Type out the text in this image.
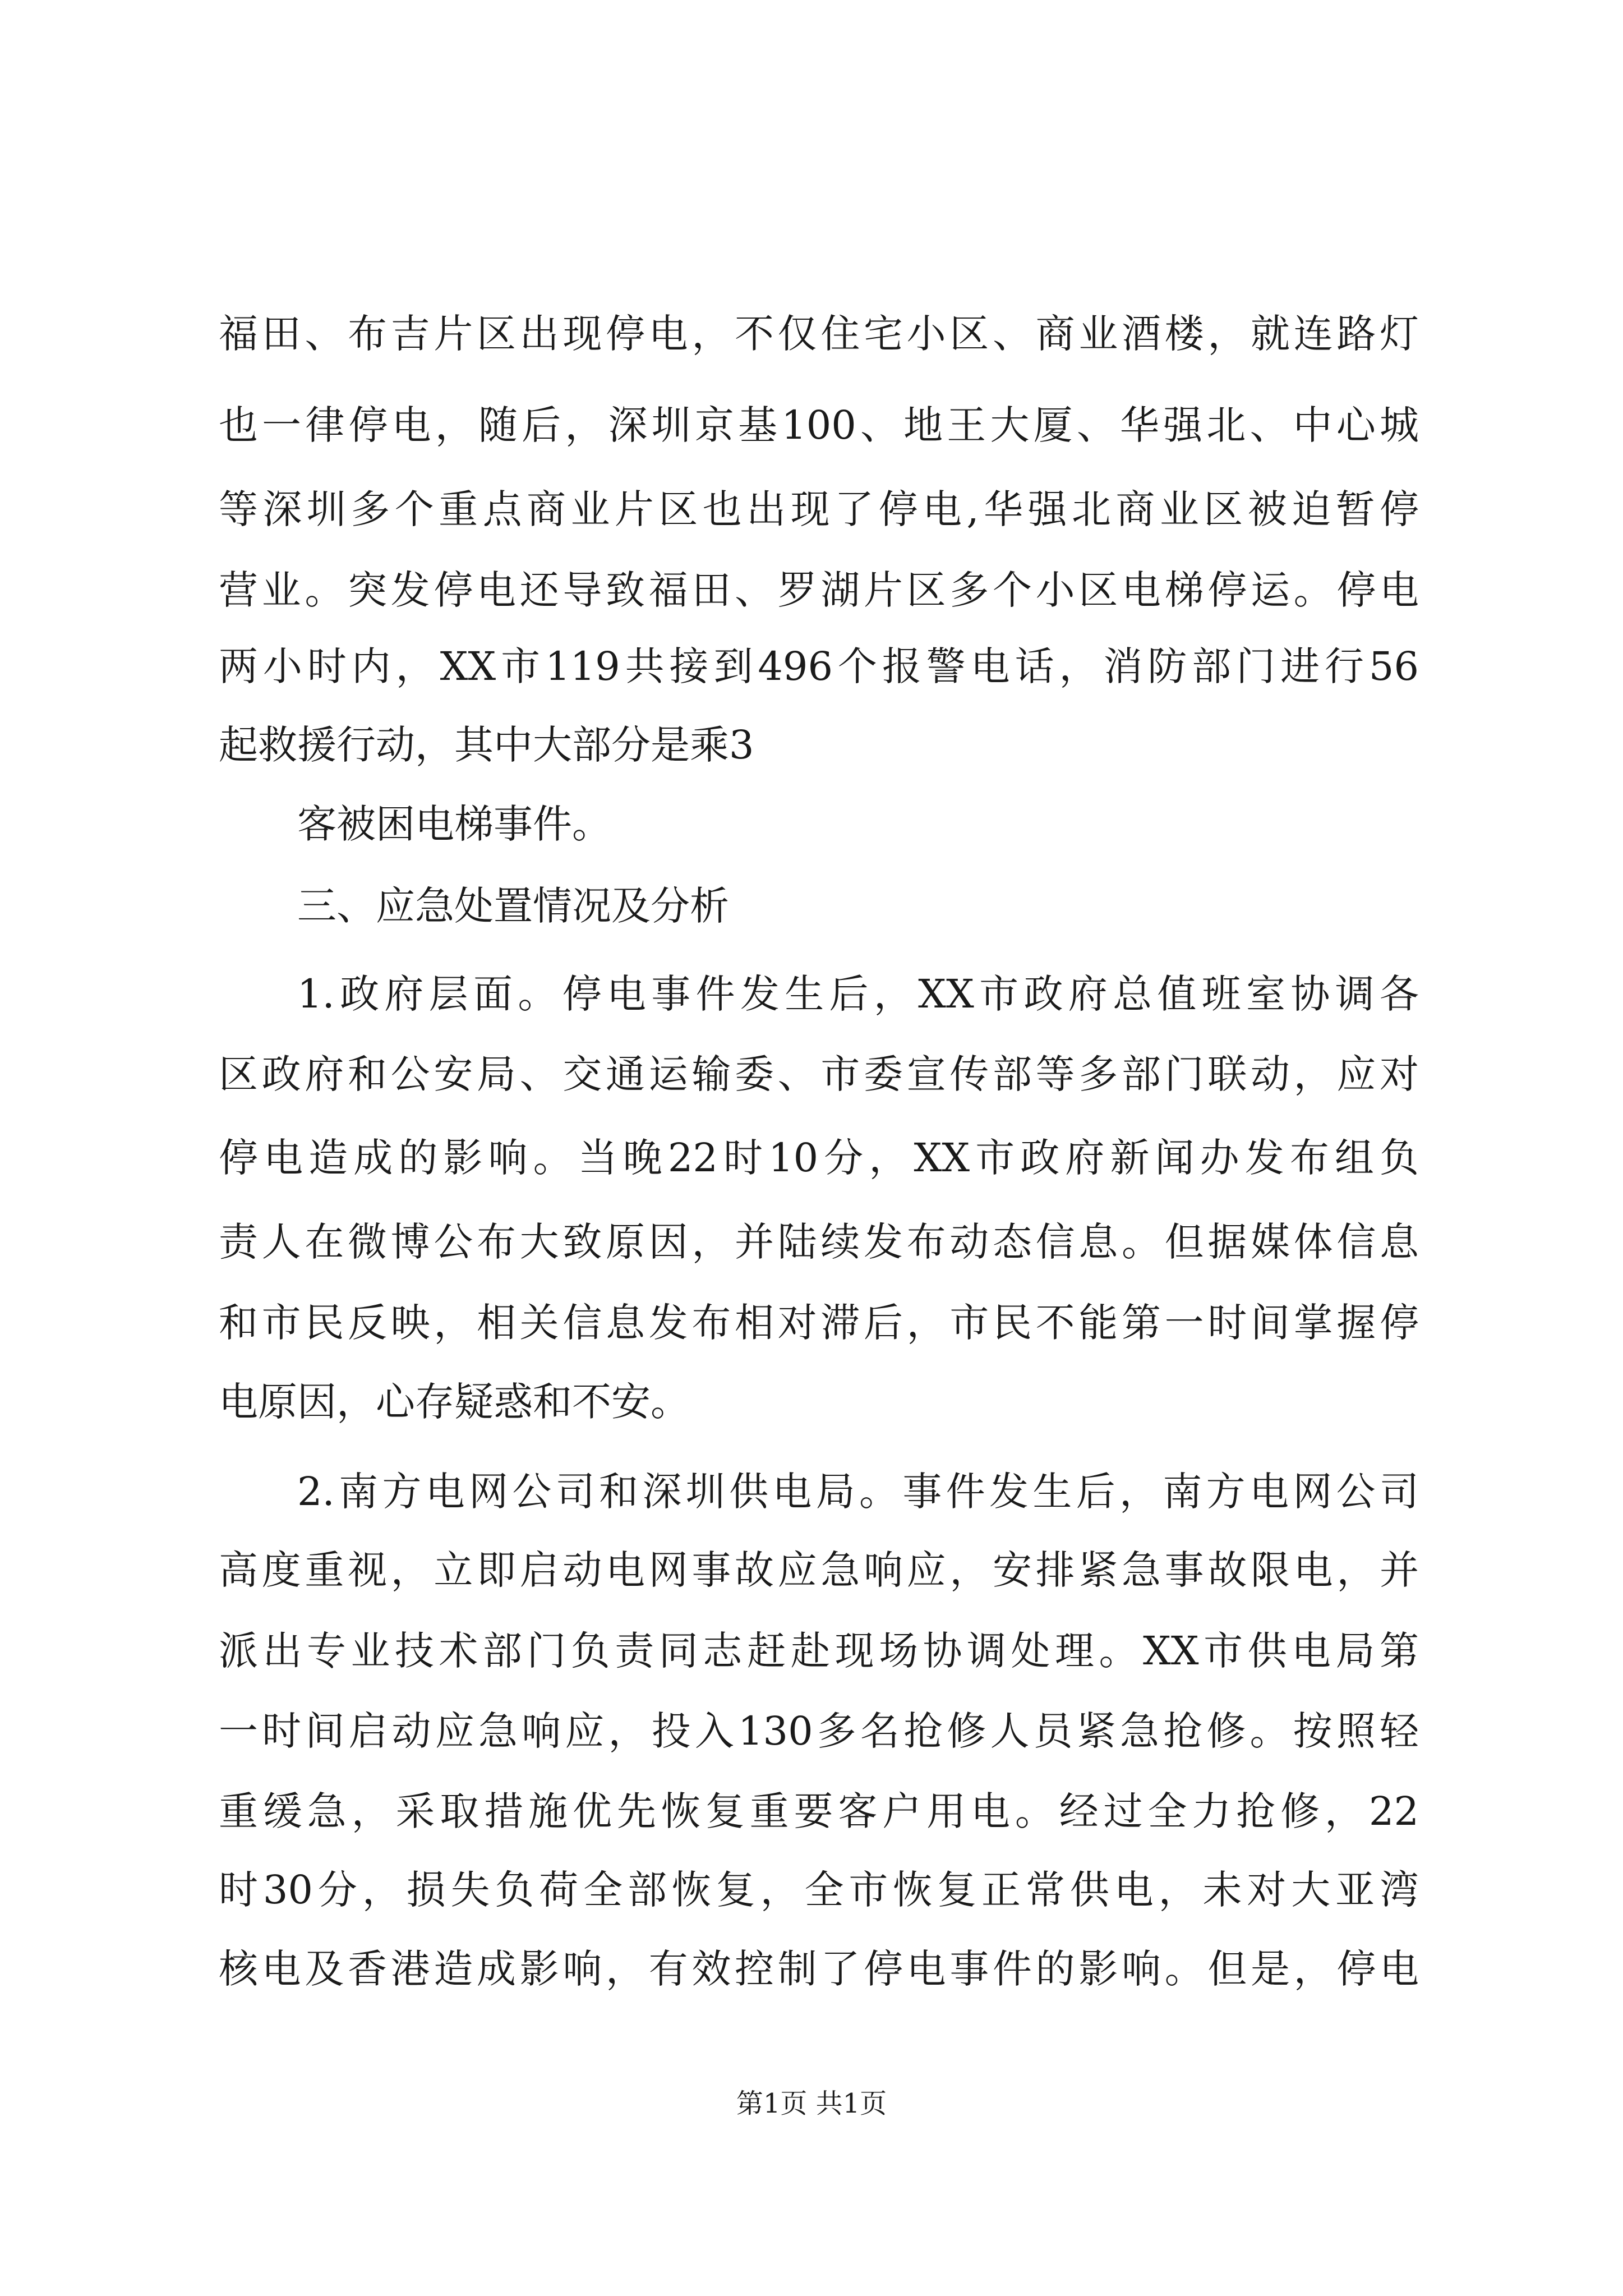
福田、布吉片区出现停电，不仅住宅小区、商业酒楼，就连路灯
也一律停电，随后，深圳京基100、地王大厦、华强北、中心城
等深圳多个重点商业片区也出现了停电,华强北商业区被迫暂停
营业。突发停电还导致福田、罗湖片区多个小区电梯停运。停电
两小时内，XX市119共接到496个报警电话，消防部门进行56
起救援行动，其中大部分是乘3
客被困电梯事件。
三、应急处置情况及分析
1.政府层面。停电事件发生后，XX市政府总值班室协调各
区政府和公安局、交通运输委、市委宣传部等多部门联动，应对
停电造成的影响。当晚22时10分，XX市政府新闻办发布组负
责人在微博公布大致原因，并陆续发布动态信息。但据媒体信息
和市民反映，相关信息发布相对滞后，市民不能第一时间掌握停
电原因，心存疑惑和不安。
2.南方电网公司和深圳供电局。事件发生后，南方电网公司
高度重视，立即启动电网事故应急响应，安排紧急事故限电，并
派出专业技术部门负责同志赶赴现场协调处理。XX市供电局第
一时间启动应急响应，投入130多名抢修人员紧急抢修。按照轻
重缓急，采取措施优先恢复重要客户用电。经过全力抢修，22
时30分，损失负荷全部恢复，全市恢复正常供电，未对大亚湾
核电及香港造成影响，有效控制了停电事件的影响。但是，停电
第1页 共1页
